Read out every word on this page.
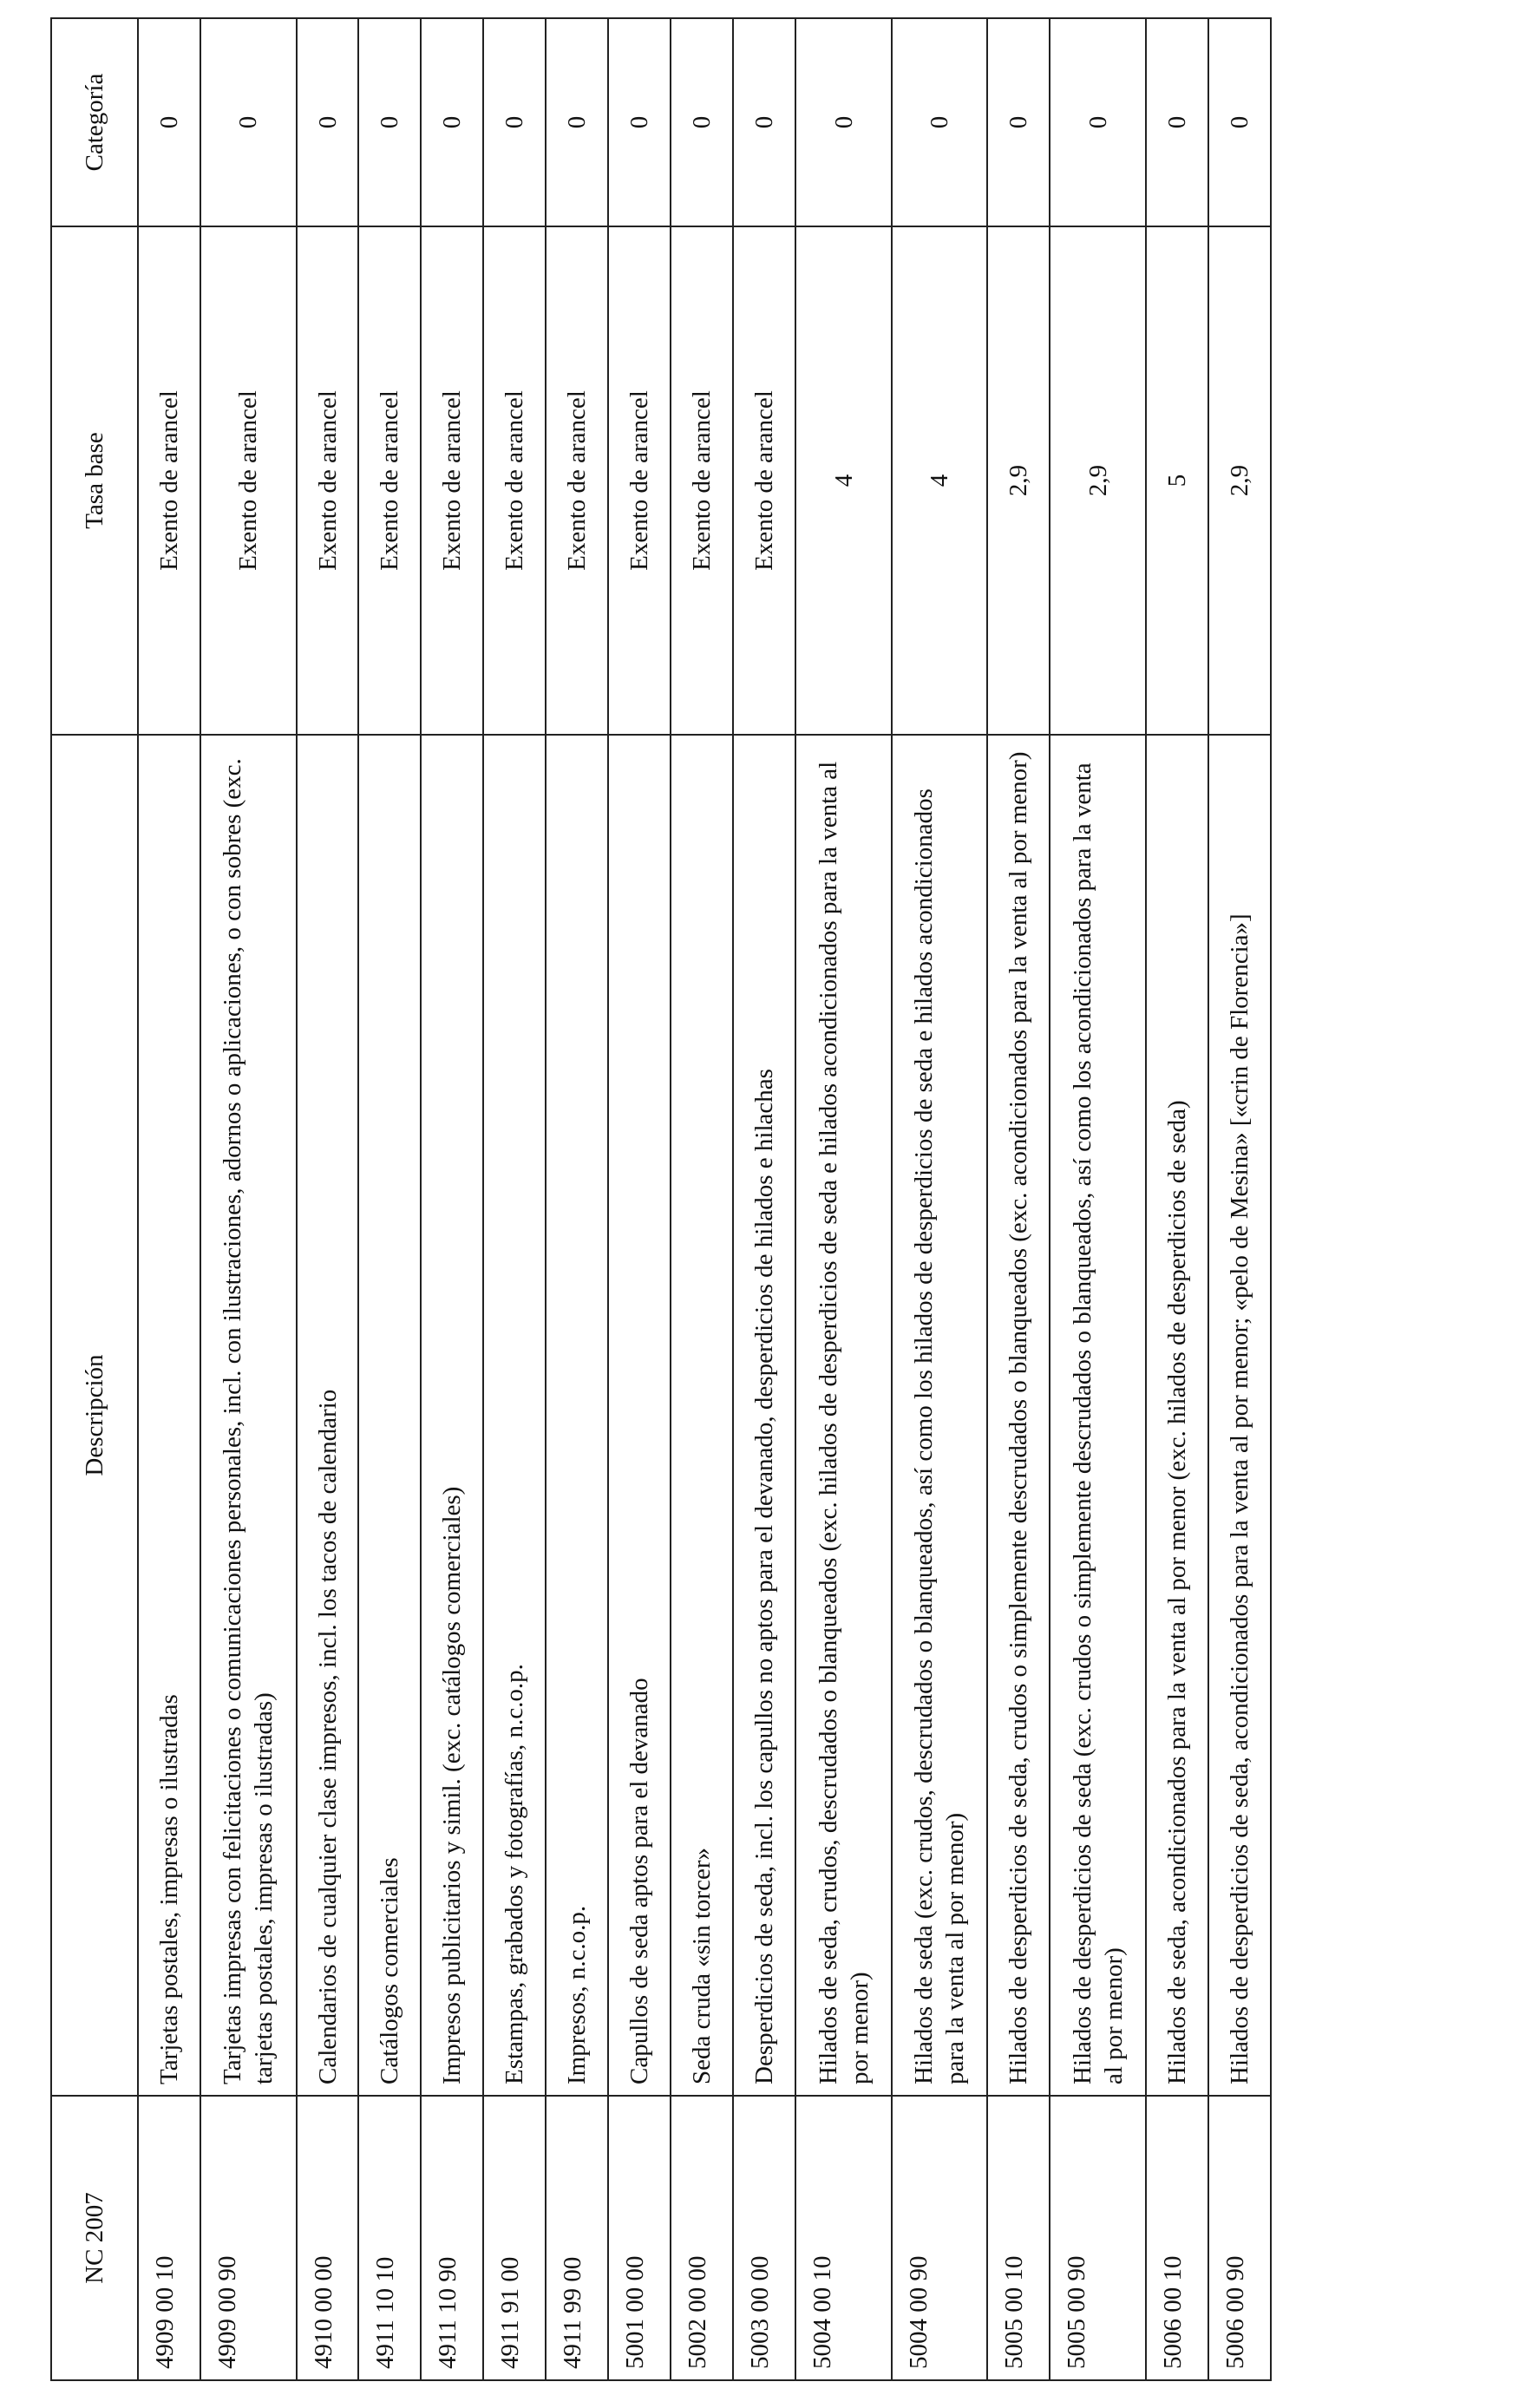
NC 2007	Descripción	Tasa base	Categoría
4909 00 10	Tarjetas postales, impresas o ilustradas	Exento de arancel	0
4909 00 90	Tarjetas impresas con felicitaciones o comunicaciones personales, incl. con ilustraciones, adornos o aplicaciones, o con sobres (exc. tarjetas postales, impresas o ilustradas)	Exento de arancel	0
4910 00 00	Calendarios de cualquier clase impresos, incl. los tacos de calendario	Exento de arancel	0
4911 10 10	Catálogos comerciales	Exento de arancel	0
4911 10 90	Impresos publicitarios y simil. (exc. catálogos comerciales)	Exento de arancel	0
4911 91 00	Estampas, grabados y fotografías, n.c.o.p.	Exento de arancel	0
4911 99 00	Impresos, n.c.o.p.	Exento de arancel	0
5001 00 00	Capullos de seda aptos para el devanado	Exento de arancel	0
5002 00 00	Seda cruda «sin torcer»	Exento de arancel	0
5003 00 00	Desperdicios de seda, incl. los capullos no aptos para el devanado, desperdicios de hilados e hilachas	Exento de arancel	0
5004 00 10	Hilados de seda, crudos, descrudados o blanqueados (exc. hilados de desperdicios de seda e hilados acondicionados para la venta al por menor)	4	0
5004 00 90	Hilados de seda (exc. crudos, descrudados o blanqueados, así como los hilados de desperdicios de seda e hilados acondicionados para la venta al por menor)	4	0
5005 00 10	Hilados de desperdicios de seda, crudos o simplemente descrudados o blanqueados (exc. acondicionados para la venta al por menor)	2,9	0
5005 00 90	Hilados de desperdicios de seda (exc. crudos o simplemente descrudados o blanqueados, así como los acondicionados para la venta al por menor)	2,9	0
5006 00 10	Hilados de seda, acondicionados para la venta al por menor (exc. hilados de desperdicios de seda)	5	0
5006 00 90	Hilados de desperdicios de seda, acondicionados para la venta al por menor; «pelo de Mesina» [«crin de Florencia»]	2,9	0
